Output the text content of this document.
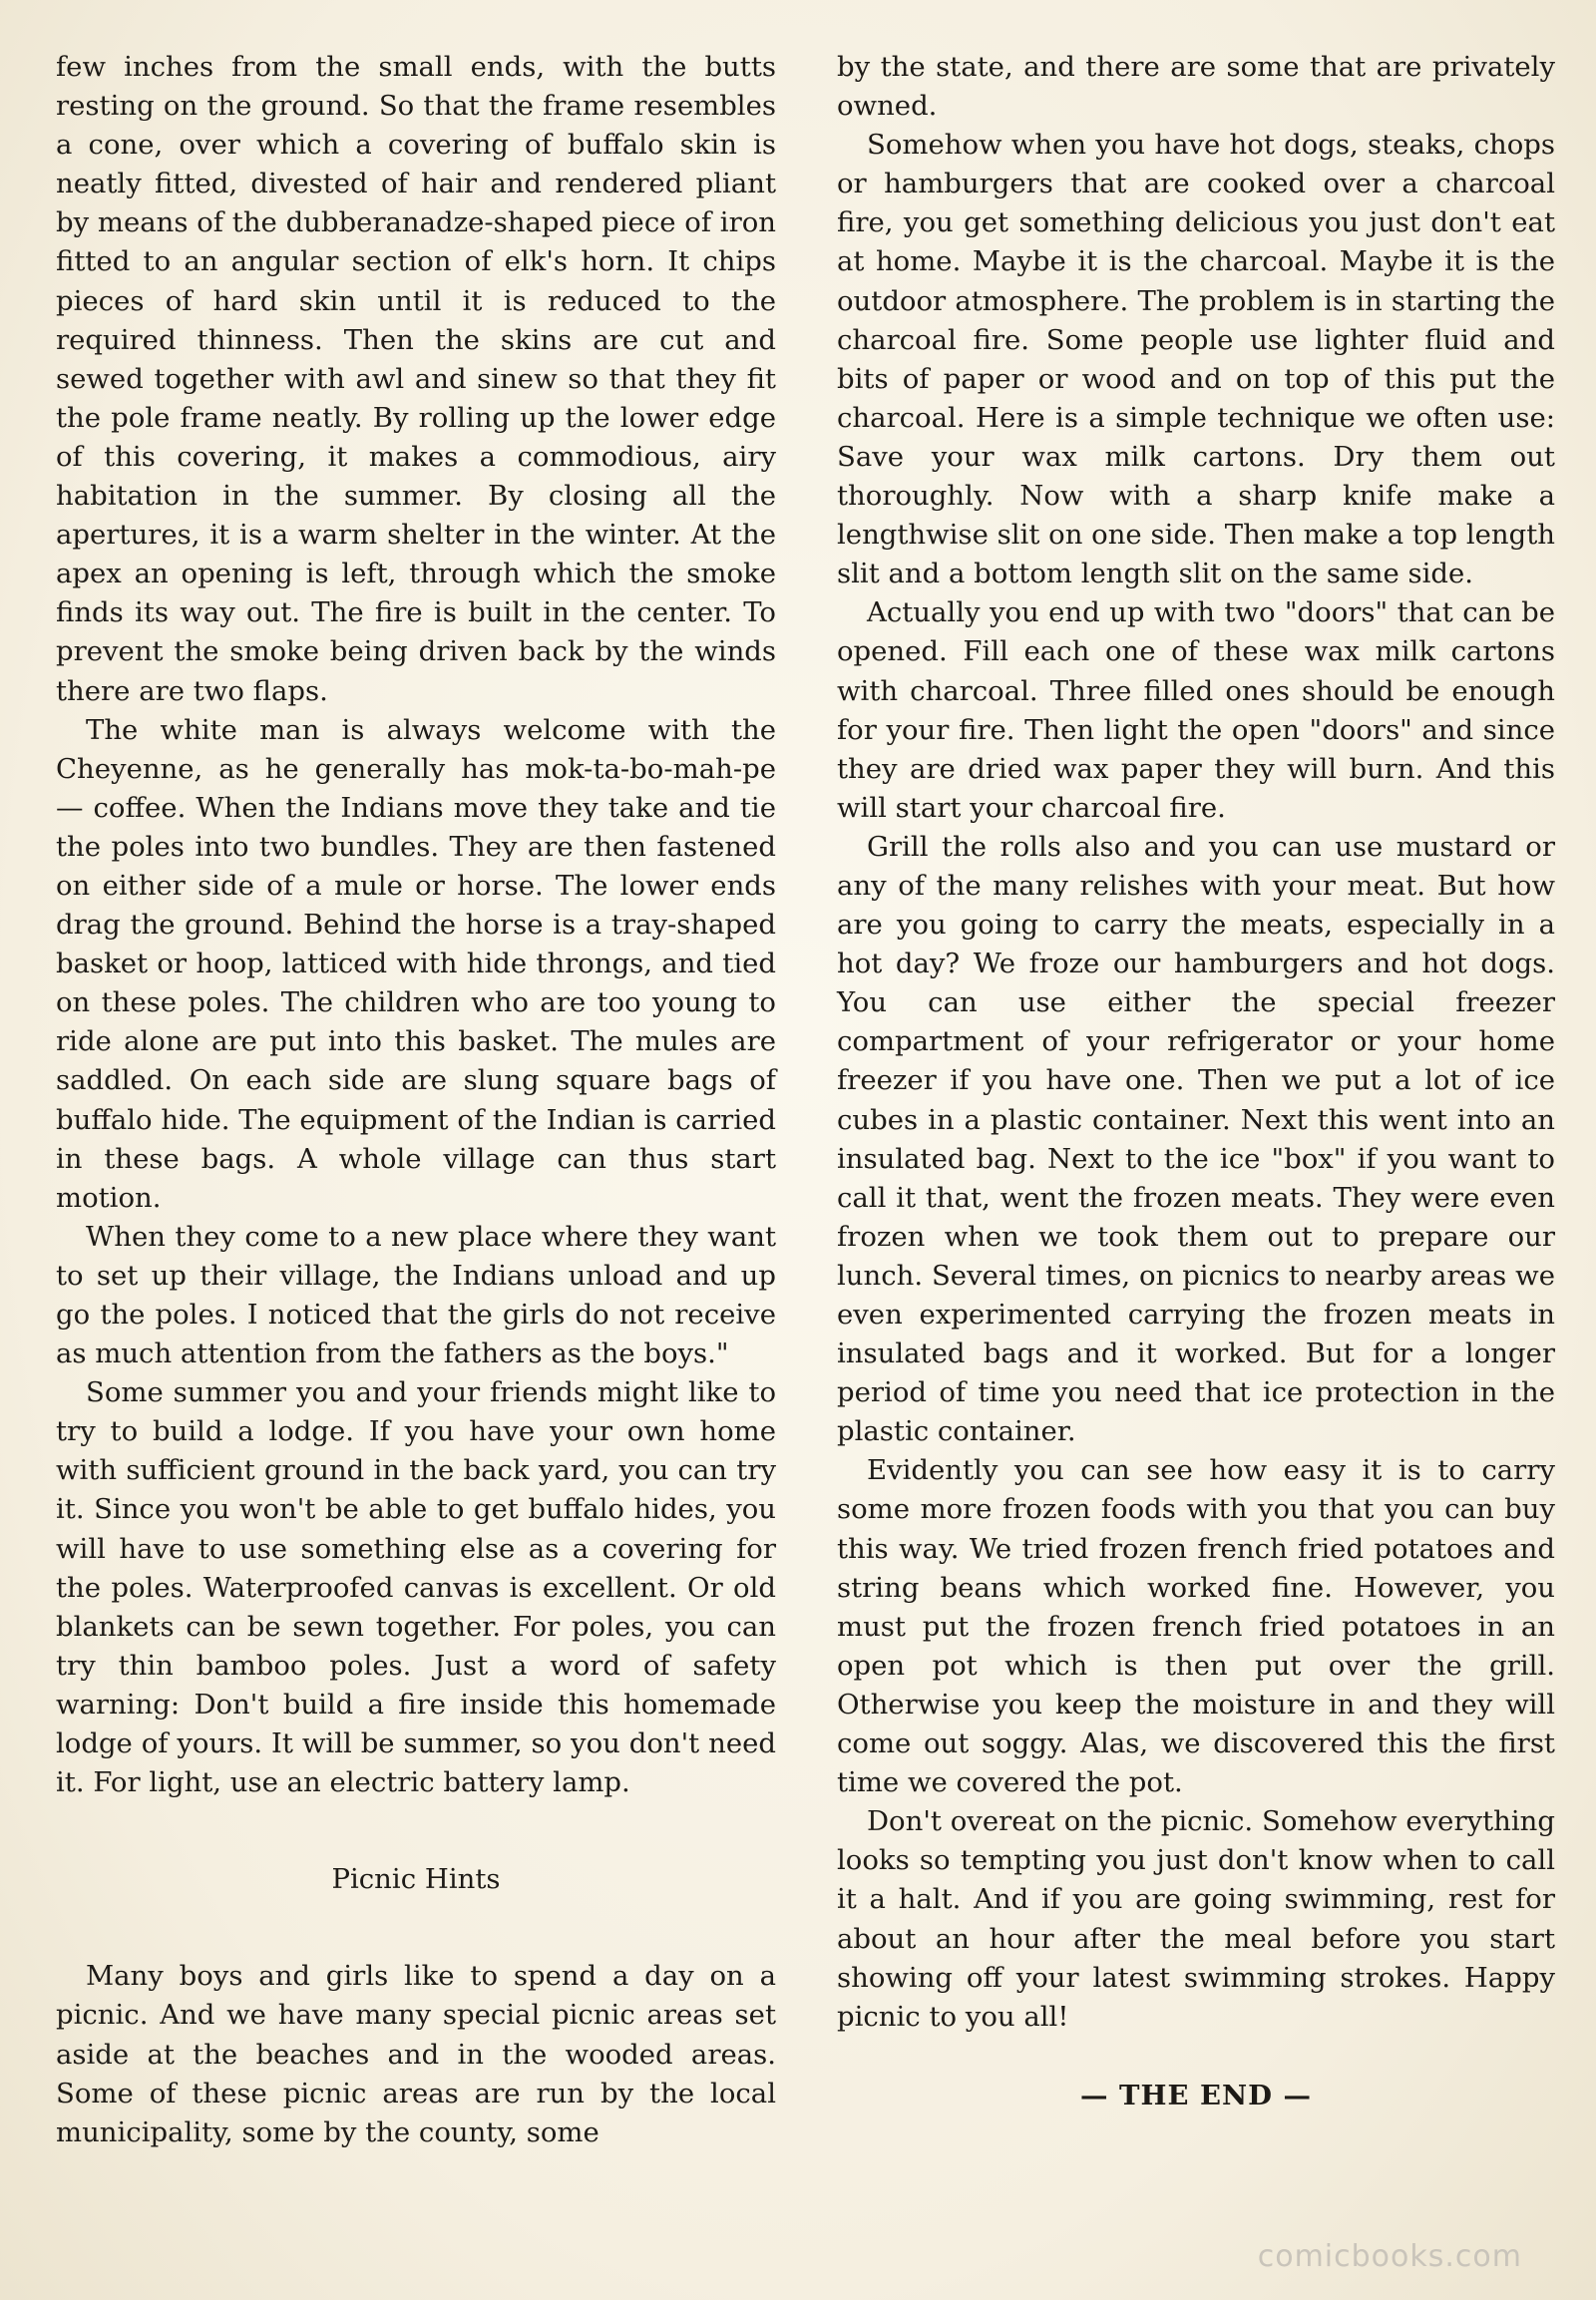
few inches from the small ends, with the butts resting on the ground. So that the frame resembles a cone, over which a covering of buffalo skin is neatly fitted, divested of hair and rendered pliant by means of the dubberanadze-shaped piece of iron fitted to an angular section of elk's horn. It chips pieces of hard skin until it is reduced to the required thinness. Then the skins are cut and sewed together with awl and sinew so that they fit the pole frame neatly. By rolling up the lower edge of this covering, it makes a commodious, airy habitation in the summer. By closing all the apertures, it is a warm shelter in the winter. At the apex an opening is left, through which the smoke finds its way out. The fire is built in the center. To prevent the smoke being driven back by the winds there are two flaps.

The white man is always welcome with the Cheyenne, as he generally has mok-ta-bo-mah-pe — coffee. When the Indians move they take and tie the poles into two bundles. They are then fastened on either side of a mule or horse. The lower ends drag the ground. Behind the horse is a tray-shaped basket or hoop, latticed with hide throngs, and tied on these poles. The children who are too young to ride alone are put into this basket. The mules are saddled. On each side are slung square bags of buffalo hide. The equipment of the Indian is carried in these bags. A whole village can thus start motion.

When they come to a new place where they want to set up their village, the Indians unload and up go the poles. I noticed that the girls do not receive as much attention from the fathers as the boys."

Some summer you and your friends might like to try to build a lodge. If you have your own home with sufficient ground in the back yard, you can try it. Since you won't be able to get buffalo hides, you will have to use something else as a covering for the poles. Waterproofed canvas is excellent. Or old blankets can be sewn together. For poles, you can try thin bamboo poles. Just a word of safety warning: Don't build a fire inside this homemade lodge of yours. It will be summer, so you don't need it. For light, use an electric battery lamp.

Picnic Hints

Many boys and girls like to spend a day on a picnic. And we have many special picnic areas set aside at the beaches and in the wooded areas. Some of these picnic areas are run by the local municipality, some by the county, some

by the state, and there are some that are privately owned.

Somehow when you have hot dogs, steaks, chops or hamburgers that are cooked over a charcoal fire, you get something delicious you just don't eat at home. Maybe it is the charcoal. Maybe it is the outdoor atmosphere. The problem is in starting the charcoal fire. Some people use lighter fluid and bits of paper or wood and on top of this put the charcoal. Here is a simple technique we often use: Save your wax milk cartons. Dry them out thoroughly. Now with a sharp knife make a lengthwise slit on one side. Then make a top length slit and a bottom length slit on the same side.

Actually you end up with two "doors" that can be opened. Fill each one of these wax milk cartons with charcoal. Three filled ones should be enough for your fire. Then light the open "doors" and since they are dried wax paper they will burn. And this will start your charcoal fire.

Grill the rolls also and you can use mustard or any of the many relishes with your meat. But how are you going to carry the meats, especially in a hot day? We froze our hamburgers and hot dogs. You can use either the special freezer compartment of your refrigerator or your home freezer if you have one. Then we put a lot of ice cubes in a plastic container. Next this went into an insulated bag. Next to the ice "box" if you want to call it that, went the frozen meats. They were even frozen when we took them out to prepare our lunch. Several times, on picnics to nearby areas we even experimented carrying the frozen meats in insulated bags and it worked. But for a longer period of time you need that ice protection in the plastic container.

Evidently you can see how easy it is to carry some more frozen foods with you that you can buy this way. We tried frozen french fried potatoes and string beans which worked fine. However, you must put the frozen french fried potatoes in an open pot which is then put over the grill. Otherwise you keep the moisture in and they will come out soggy. Alas, we discovered this the first time we covered the pot.

Don't overeat on the picnic. Somehow everything looks so tempting you just don't know when to call it a halt. And if you are going swimming, rest for about an hour after the meal before you start showing off your latest swimming strokes. Happy picnic to you all!

— THE END —
comicbooks.com
